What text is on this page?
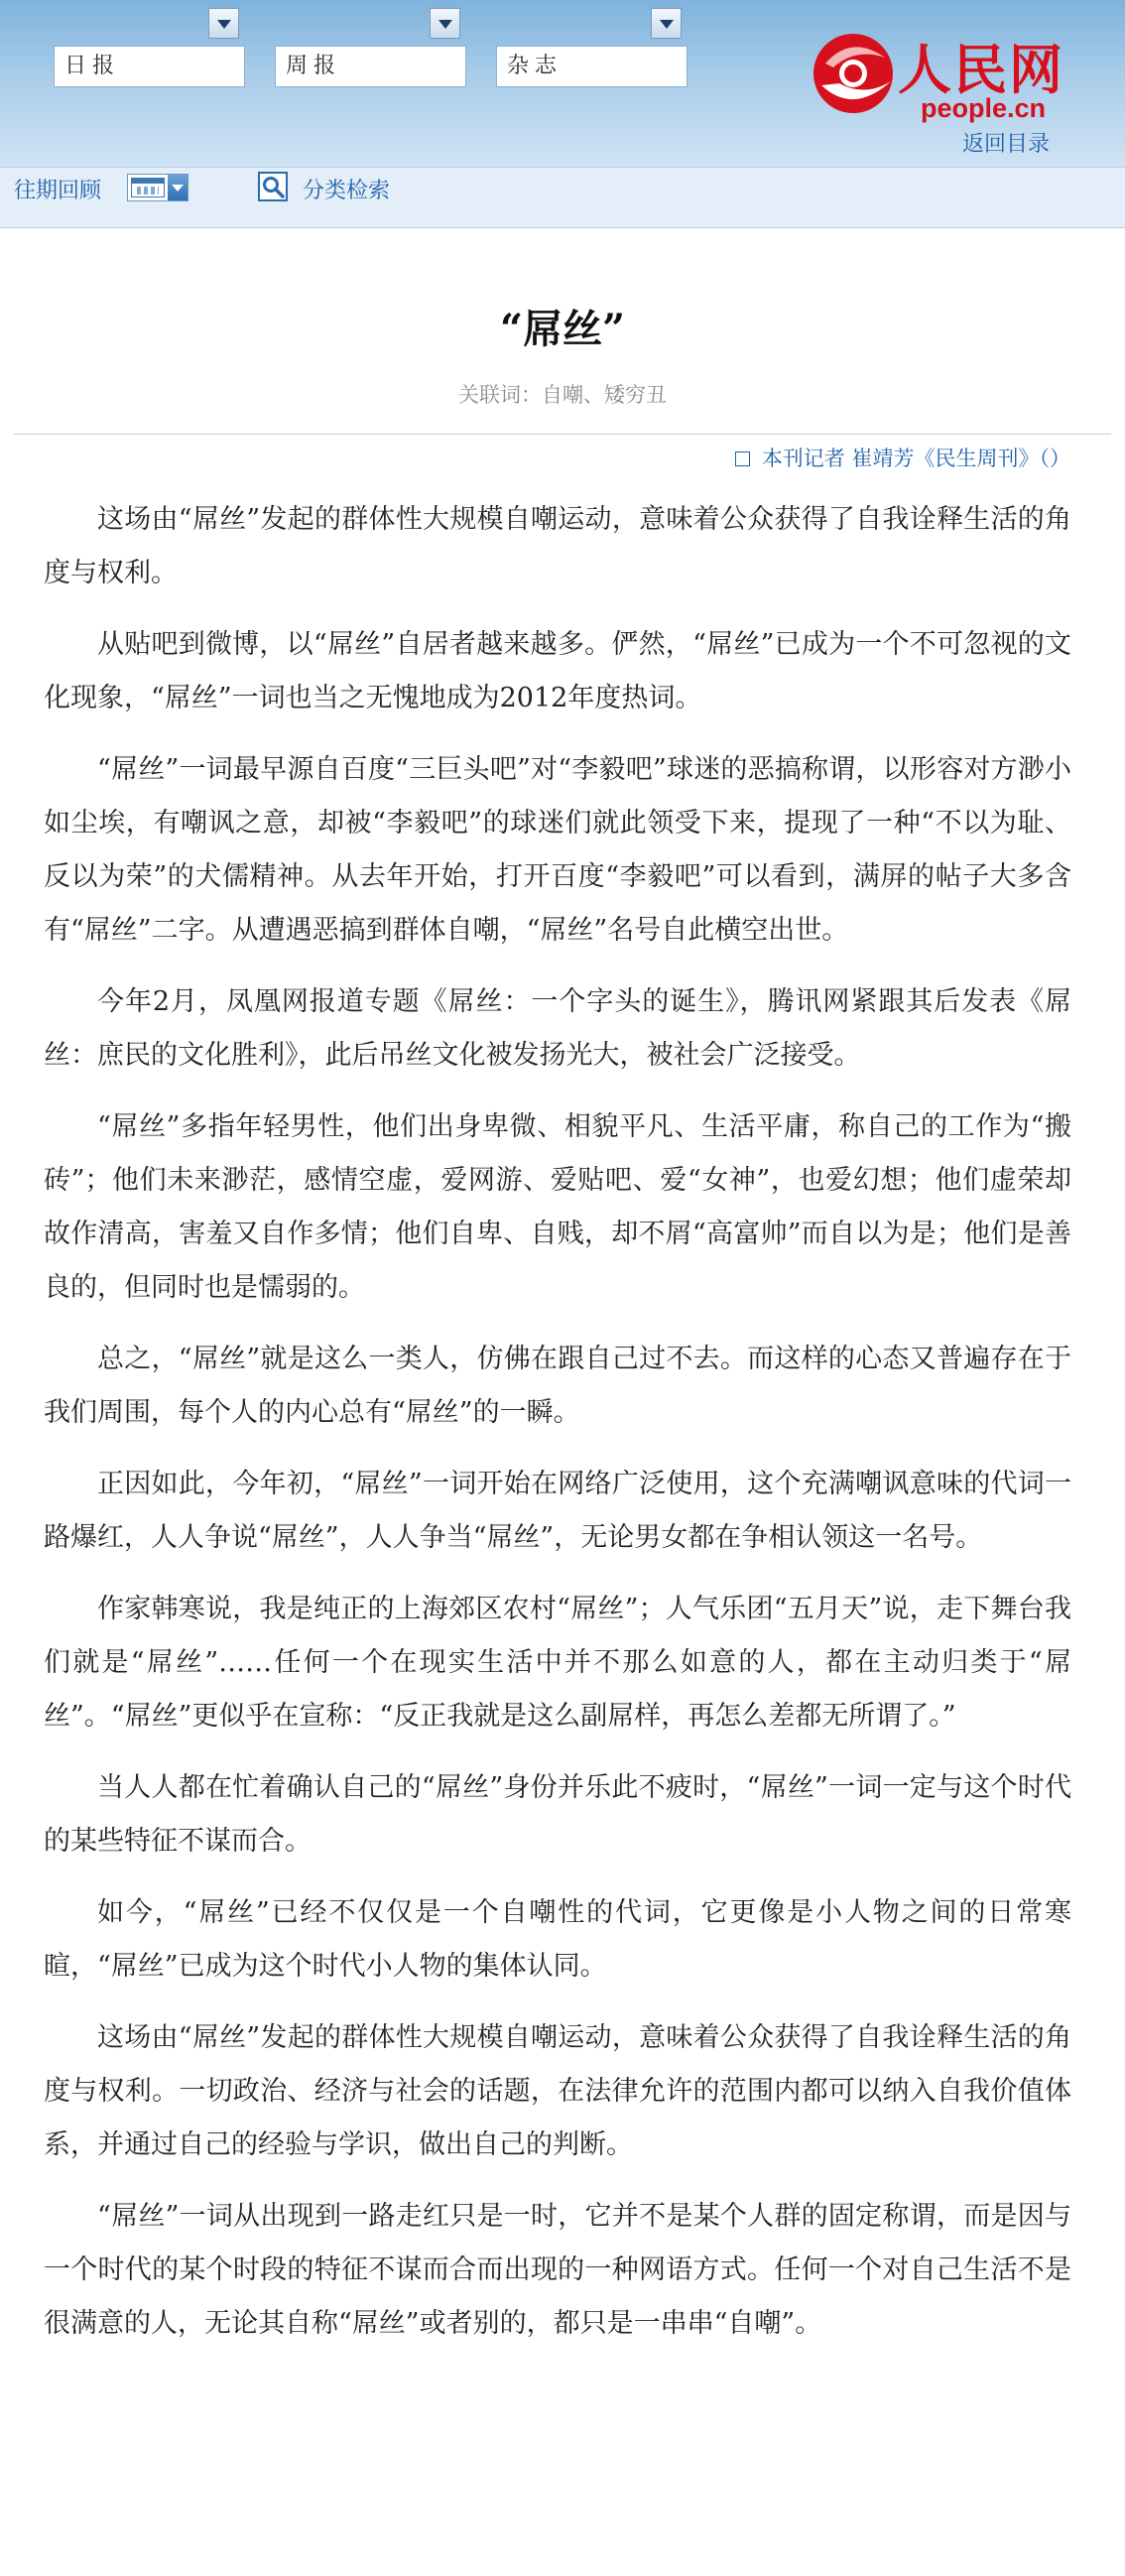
日报	周报	杂志	人民网
people.cn
返回目录
往期回顾	分类检索
“屌丝”
关联词：自嘲、矮穷丑
本刊记者 崔靖芳《民生周刊》（）

这场由“屌丝”发起的群体性大规模自嘲运动，意味着公众获得了自我诠释生活的角度与权利。

从贴吧到微博，以“屌丝”自居者越来越多。俨然，“屌丝”已成为一个不可忽视的文化现象，“屌丝”一词也当之无愧地成为2012年度热词。

“屌丝”一词最早源自百度“三巨头吧”对“李毅吧”球迷的恶搞称谓，以形容对方渺小如尘埃，有嘲讽之意，却被“李毅吧”的球迷们就此领受下来，提现了一种“不以为耻、反以为荣”的犬儒精神。从去年开始，打开百度“李毅吧”可以看到，满屏的帖子大多含有“屌丝”二字。从遭遇恶搞到群体自嘲，“屌丝”名号自此横空出世。

今年2月，凤凰网报道专题《屌丝：一个字头的诞生》，腾讯网紧跟其后发表《屌丝：庶民的文化胜利》，此后吊丝文化被发扬光大，被社会广泛接受。

“屌丝”多指年轻男性，他们出身卑微、相貌平凡、生活平庸，称自己的工作为“搬砖”；他们未来渺茫，感情空虚，爱网游、爱贴吧、爱“女神”，也爱幻想；他们虚荣却故作清高，害羞又自作多情；他们自卑、自贱，却不屑“高富帅”而自以为是；他们是善良的，但同时也是懦弱的。

总之，“屌丝”就是这么一类人，仿佛在跟自己过不去。而这样的心态又普遍存在于我们周围，每个人的内心总有“屌丝”的一瞬。

正因如此，今年初，“屌丝”一词开始在网络广泛使用，这个充满嘲讽意味的代词一路爆红，人人争说“屌丝”，人人争当“屌丝”，无论男女都在争相认领这一名号。

作家韩寒说，我是纯正的上海郊区农村“屌丝”；人气乐团“五月天”说，走下舞台我们就是“屌丝”……任何一个在现实生活中并不那么如意的人，都在主动归类于“屌丝”。“屌丝”更似乎在宣称：“反正我就是这么副屌样，再怎么差都无所谓了。”

当人人都在忙着确认自己的“屌丝”身份并乐此不疲时，“屌丝”一词一定与这个时代的某些特征不谋而合。

如今，“屌丝”已经不仅仅是一个自嘲性的代词，它更像是小人物之间的日常寒暄，“屌丝”已成为这个时代小人物的集体认同。

这场由“屌丝”发起的群体性大规模自嘲运动，意味着公众获得了自我诠释生活的角度与权利。一切政治、经济与社会的话题，在法律允许的范围内都可以纳入自我价值体系，并通过自己的经验与学识，做出自己的判断。

“屌丝”一词从出现到一路走红只是一时，它并不是某个人群的固定称谓，而是因与一个时代的某个时段的特征不谋而合而出现的一种网语方式。任何一个对自己生活不是很满意的人，无论其自称“屌丝”或者别的，都只是一串串“自嘲”。
